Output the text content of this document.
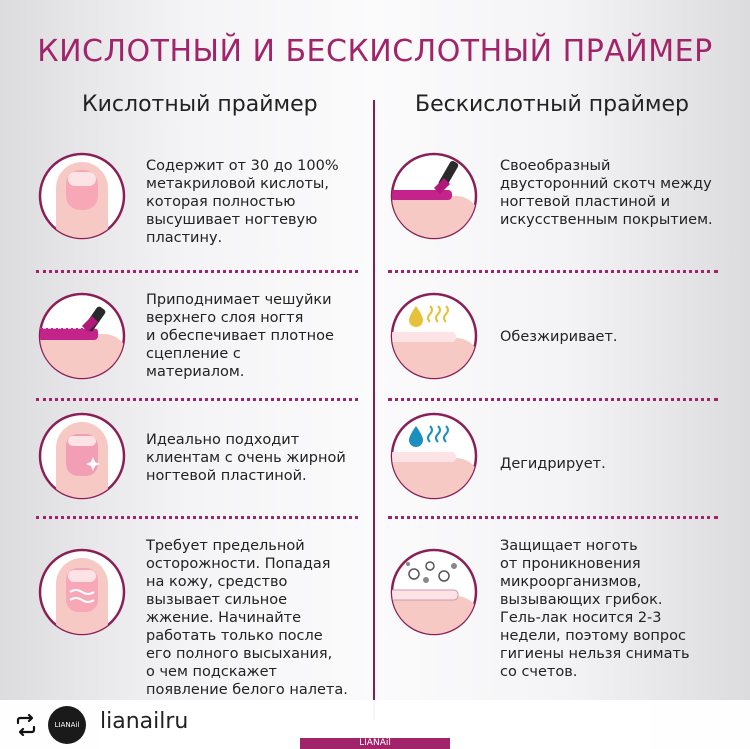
КИСЛОТНЫЙ И БЕСКИСЛОТНЫЙ ПРАЙМЕР
Кислотный праймер	Бескислотный праймер
Содержит от 30 до 100%
метакриловой кислоты,
которая полностью
высушивает ногтевую
пластину.
Приподнимает чешуйки
верхнего слоя ногтя
и обеспечивает плотное
сцепление с
материалом.
Идеально подходит
клиентам с очень жирной
ногтевой пластиной.
Требует предельной
осторожности. Попадая
на кожу, средство
вызывает сильное
жжение. Начинайте
работать только после
его полного высыхания,
о чем подскажет
появление белого налета.
Своеобразный
двусторонний скотч между
ногтевой пластиной и
искусственным покрытием.
Обезжиривает.
Дегидрирует.
Защищает ноготь
от проникновения
микроорганизмов,
вызывающих грибок.
Гель-лак носится 2-3
недели, поэтому вопрос
гигиены нельзя снимать
со счетов.
LIANAil lianailru
LIANAil
